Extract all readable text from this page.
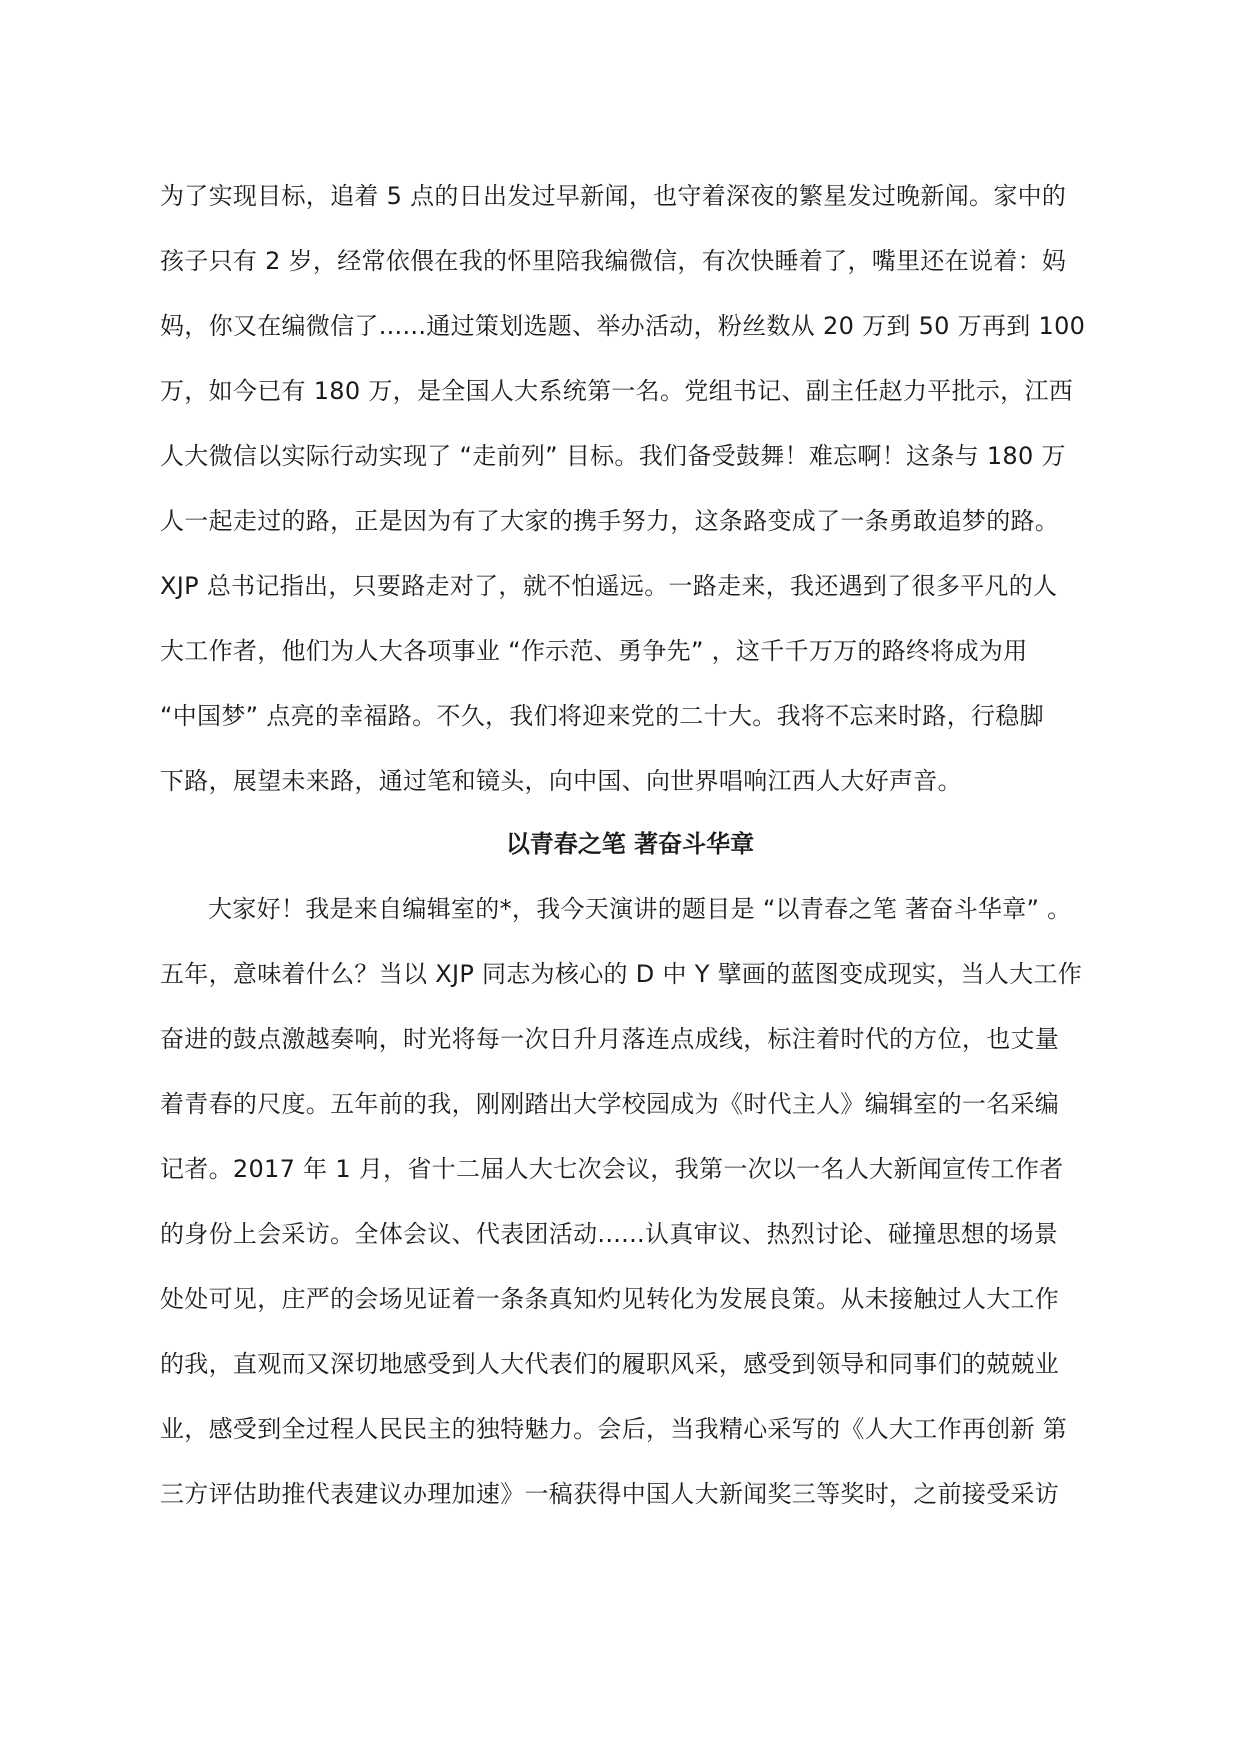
为了实现目标，追着 5 点的日出发过早新闻，也守着深夜的繁星发过晚新闻。家中的
孩子只有 2 岁，经常依偎在我的怀里陪我编微信，有次快睡着了，嘴里还在说着：妈
妈，你又在编微信了......通过策划选题、举办活动，粉丝数从 20 万到 50 万再到 100
万，如今已有 180 万，是全国人大系统第一名。党组书记、副主任赵力平批示，江西
人大微信以实际行动实现了 “走前列” 目标。我们备受鼓舞！难忘啊！这条与 180 万
人一起走过的路，正是因为有了大家的携手努力，这条路变成了一条勇敢追梦的路。
XJP 总书记指出，只要路走对了，就不怕遥远。一路走来，我还遇到了很多平凡的人
大工作者，他们为人大各项事业 “作示范、勇争先” ，这千千万万的路终将成为用
“中国梦” 点亮的幸福路。不久，我们将迎来党的二十大。我将不忘来时路，行稳脚
下路，展望未来路，通过笔和镜头，向中国、向世界唱响江西人大好声音。
以青春之笔 著奋斗华章
大家好！我是来自编辑室的*，我今天演讲的题目是 “以青春之笔 著奋斗华章” 。
五年，意味着什么？当以 XJP 同志为核心的 D 中 Y 擘画的蓝图变成现实，当人大工作
奋进的鼓点激越奏响，时光将每一次日升月落连点成线，标注着时代的方位，也丈量
着青春的尺度。五年前的我，刚刚踏出大学校园成为《时代主人》编辑室的一名采编
记者。2017 年 1 月，省十二届人大七次会议，我第一次以一名人大新闻宣传工作者
的身份上会采访。全体会议、代表团活动......认真审议、热烈讨论、碰撞思想的场景
处处可见，庄严的会场见证着一条条真知灼见转化为发展良策。从未接触过人大工作
的我，直观而又深切地感受到人大代表们的履职风采，感受到领导和同事们的兢兢业
业，感受到全过程人民民主的独特魅力。会后，当我精心采写的《人大工作再创新 第
三方评估助推代表建议办理加速》一稿获得中国人大新闻奖三等奖时，之前接受采访
